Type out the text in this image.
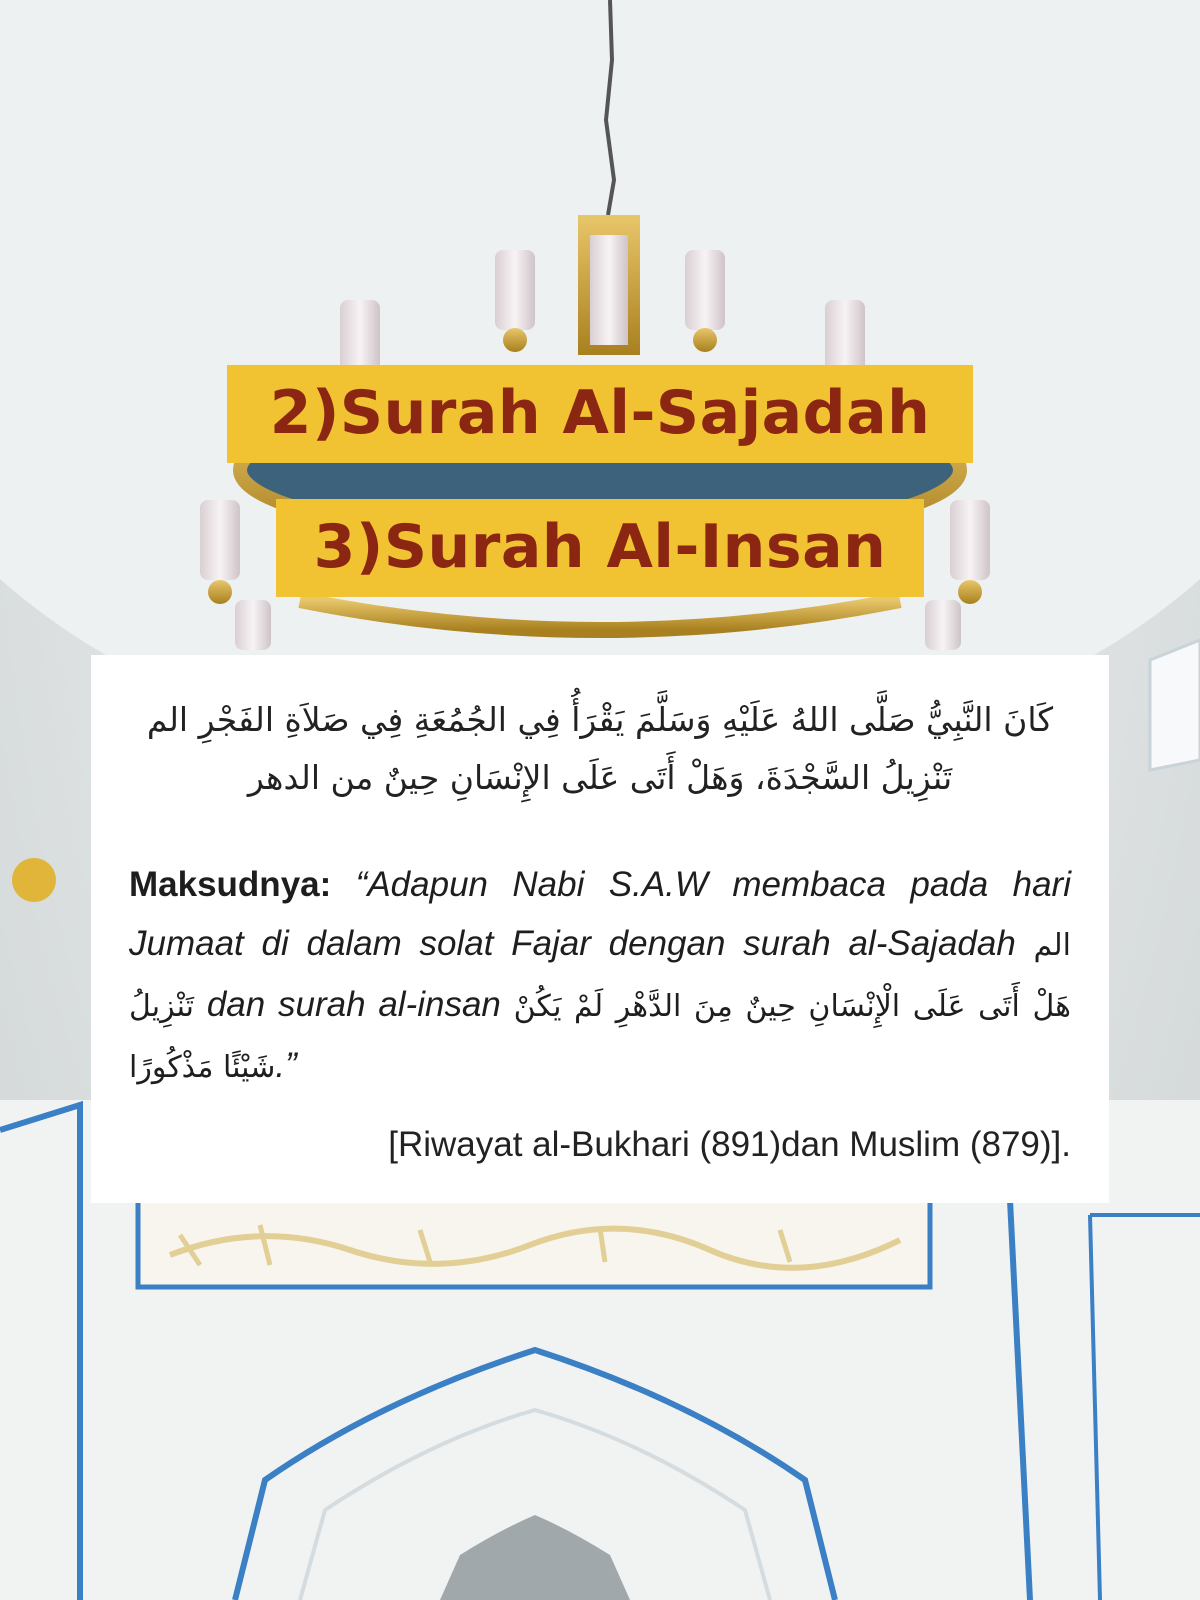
2)Surah Al-Sajadah
3)Surah Al-Insan
كَانَ النَّبِيُّ صَلَّى اللهُ عَلَيْهِ وَسَلَّمَ يَقْرَأُ فِي الجُمُعَةِ فِي صَلاَةِ الفَجْرِ الم تَنْزِيلُ السَّجْدَةَ، وَهَلْ أَتَى عَلَى الإِنْسَانِ حِينٌ من الدهر
Maksudnya: “Adapun Nabi S.A.W membaca pada hari Jumaat di dalam solat Fajar dengan surah al-Sajadah الم تَنْزِيلُ dan surah al-insan هَلْ أَتَى عَلَى الْإِنْسَانِ حِينٌ مِنَ الدَّهْرِ لَمْ يَكُنْ شَيْئًا مَذْكُورًا.”
[Riwayat al-Bukhari (891)dan Muslim (879)].
